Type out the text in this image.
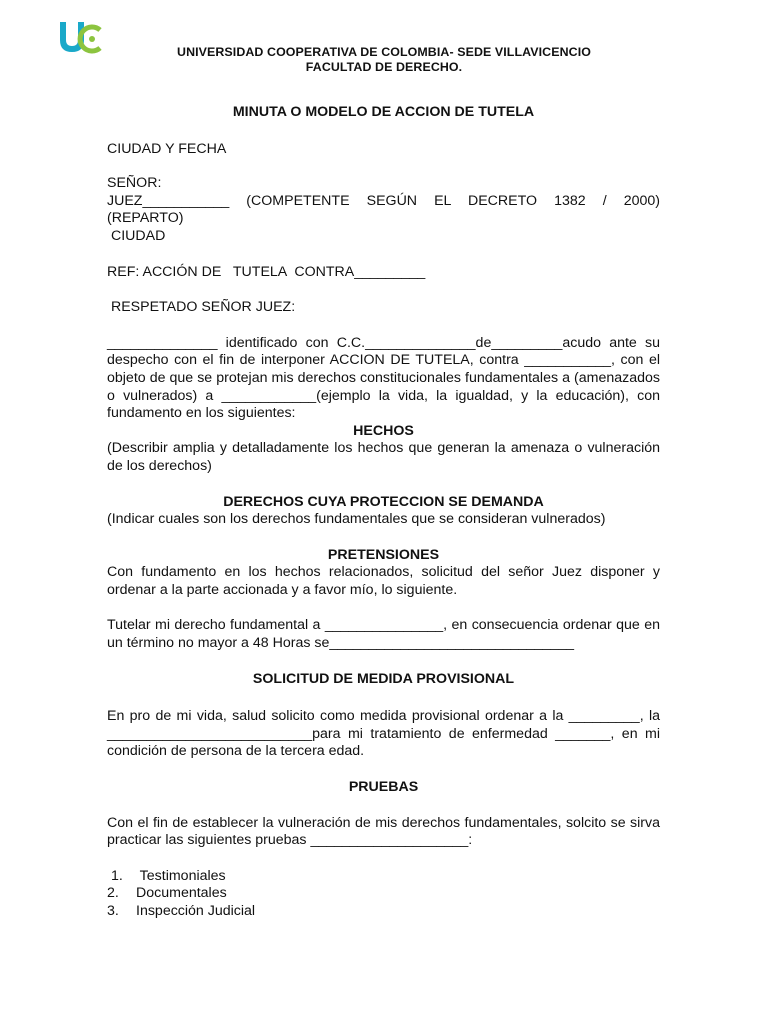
UNIVERSIDAD COOPERATIVA DE COLOMBIA- SEDE VILLAVICENCIO
FACULTAD DE DERECHO.

MINUTA O MODELO DE ACCION DE TUTELA

CIUDAD Y FECHA

SEÑOR:

JUEZ___________ (COMPETENTE SEGÚN EL DECRETO 1382 / 2000)

(REPARTO)

CIUDAD

REF: ACCIÓN DE   TUTELA  CONTRA_________

RESPETADO SEÑOR JUEZ:

______________ identificado con C.C.______________de_________acudo ante su despecho con el fin de interponer ACCION DE TUTELA, contra ___________, con el objeto de que se protejan mis derechos constitucionales fundamentales a (amenazados o vulnerados) a ____________(ejemplo la vida, la igualdad, y la educación), con fundamento en los siguientes:

HECHOS

(Describir amplia y detalladamente los hechos que generan la amenaza o vulneración de los derechos)

DERECHOS CUYA PROTECCION SE DEMANDA

(Indicar cuales son los derechos fundamentales que se consideran vulnerados)

PRETENSIONES

Con fundamento en los hechos relacionados, solicitud del señor Juez disponer y ordenar a la parte accionada y a favor mío, lo siguiente.

Tutelar mi derecho fundamental a _______________, en consecuencia ordenar que en un término no mayor a 48 Horas se_______________________________

SOLICITUD DE MEDIDA PROVISIONAL

En pro de mi vida, salud solicito como medida provisional ordenar a la _________, la __________________________para mi tratamiento de enfermedad _______, en mi condición de persona de la tercera edad.

PRUEBAS

Con el fin de establecer la vulneración de mis derechos fundamentales, solcito se sirva practicar las siguientes pruebas ____________________:

1. Testimoniales
2.	Documentales
3.	Inspección Judicial
